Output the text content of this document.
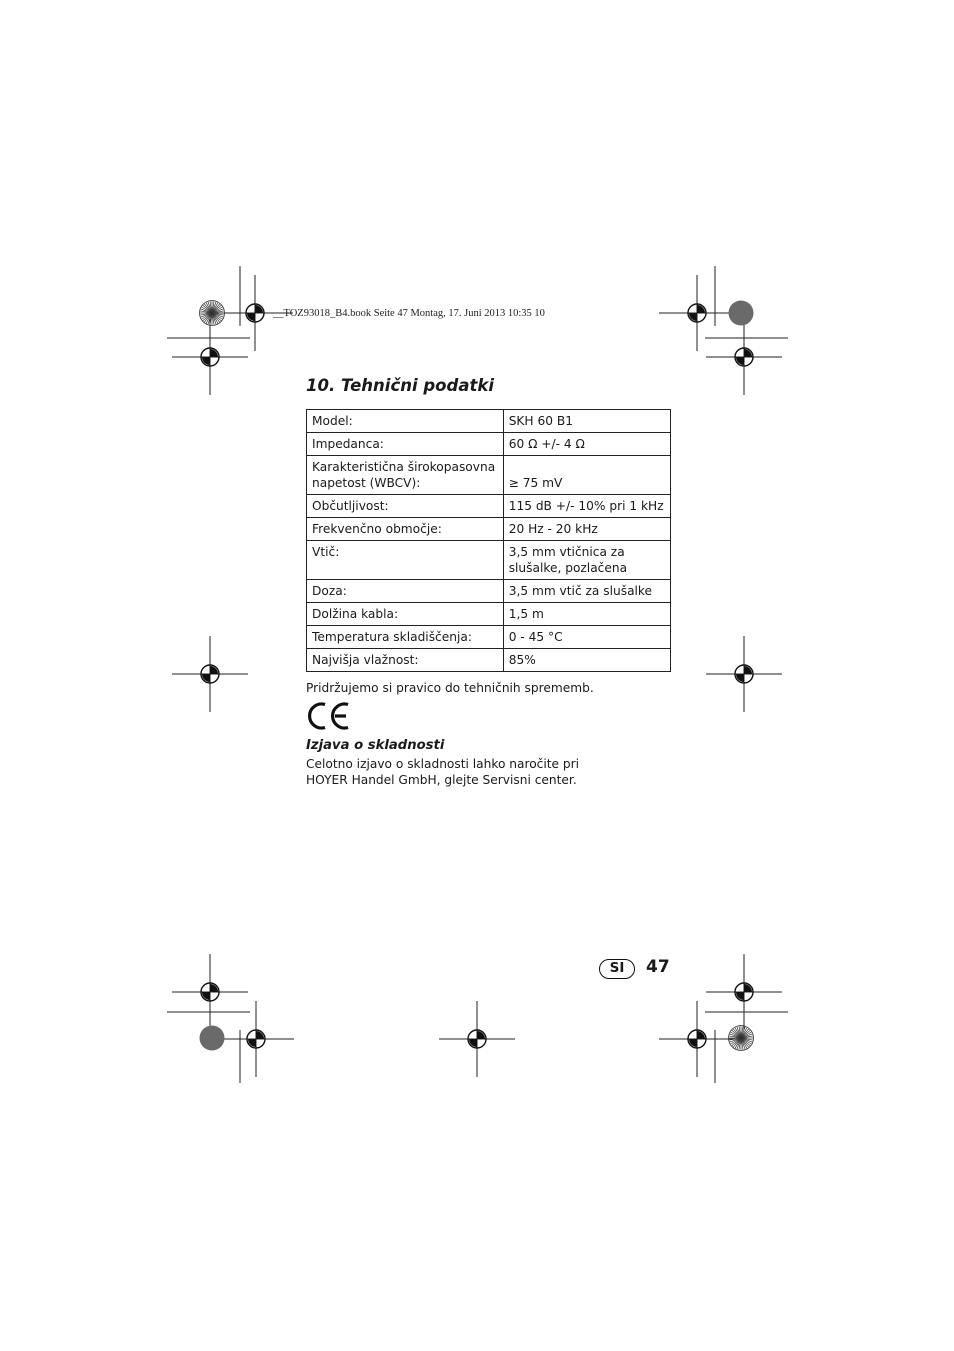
__TOZ93018_B4.book Seite 47 Montag, 17. Juni 2013 10:35 10
10. Tehnični podatki
Model:	SKH 60 B1
Impedanca:	60 Ω +/- 4 Ω
Karakteristična širokopasovna napetost (WBCV):	≥ 75 mV
Občutljivost:	115 dB +/- 10% pri 1 kHz
Frekvenčno območje:	20 Hz - 20 kHz
Vtič:	3,5 mm vtičnica za slušalke, pozlačena
Doza:	3,5 mm vtič za slušalke
Dolžina kabla:	1,5 m
Temperatura skladiščenja:	0 - 45 °C
Najvišja vlažnost:	85%
Pridržujemo si pravico do tehničnih sprememb.
Izjava o skladnosti
Celotno izjavo o skladnosti lahko naročite pri
HOYER Handel GmbH, glejte Servisni center.
SI	47
